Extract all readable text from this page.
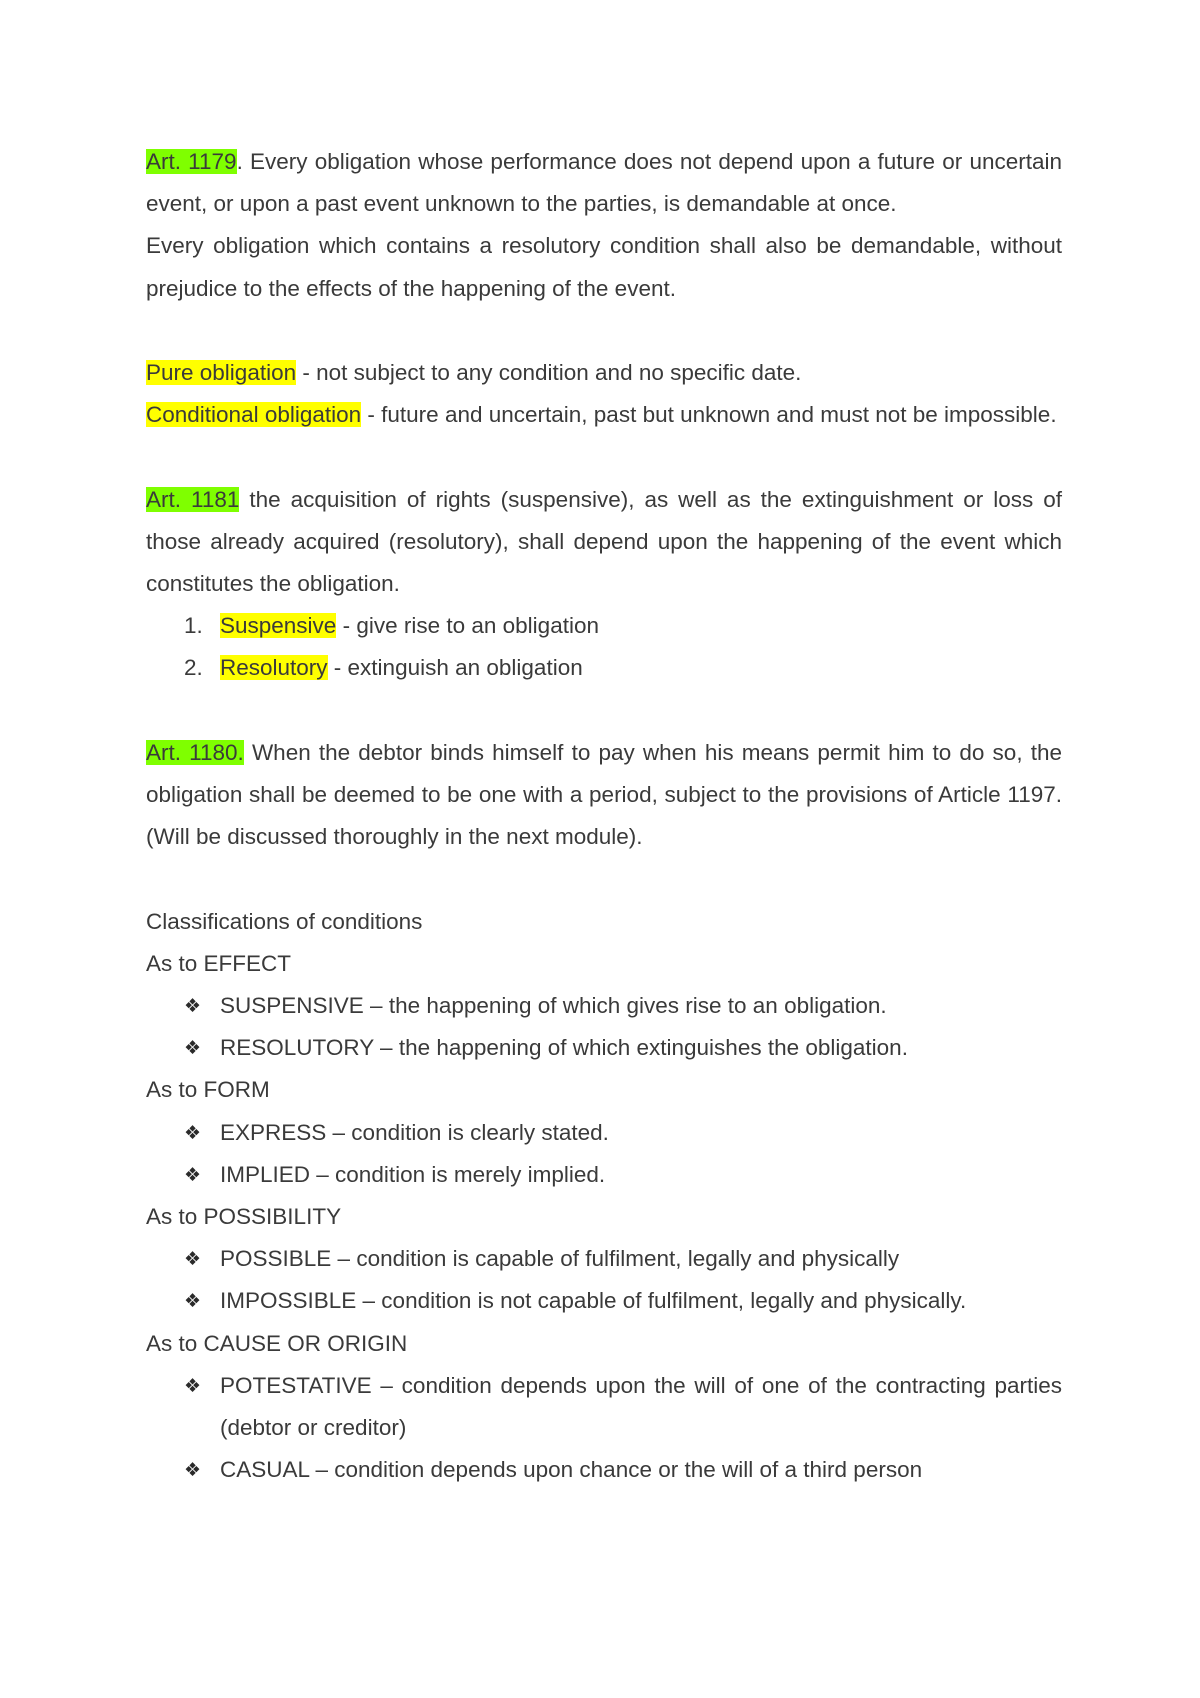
Art. 1179. Every obligation whose performance does not depend upon a future or uncertain event, or upon a past event unknown to the parties, is demandable at once.

Every obligation which contains a resolutory condition shall also be demandable, without prejudice to the effects of the happening of the event.

Pure obligation - not subject to any condition and no specific date.

Conditional obligation - future and uncertain, past but unknown and must not be impossible.

Art. 1181 the acquisition of rights (suspensive), as well as the extinguishment or loss of those already acquired (resolutory), shall depend upon the happening of the event which constitutes the obligation.

1. Suspensive - give rise to an obligation
2. Resolutory - extinguish an obligation

Art. 1180. When the debtor binds himself to pay when his means permit him to do so, the obligation shall be deemed to be one with a period, subject to the provisions of Article 1197. (Will be discussed thoroughly in the next module).

Classifications of conditions

As to EFFECT

❖ SUSPENSIVE – the happening of which gives rise to an obligation.
❖ RESOLUTORY – the happening of which extinguishes the obligation.

As to FORM

❖ EXPRESS – condition is clearly stated.
❖ IMPLIED – condition is merely implied.

As to POSSIBILITY

❖ POSSIBLE – condition is capable of fulfilment, legally and physically
❖ IMPOSSIBLE – condition is not capable of fulfilment, legally and physically.

As to CAUSE OR ORIGIN

❖ POTESTATIVE – condition depends upon the will of one of the contracting parties (debtor or creditor)
❖ CASUAL – condition depends upon chance or the will of a third person
